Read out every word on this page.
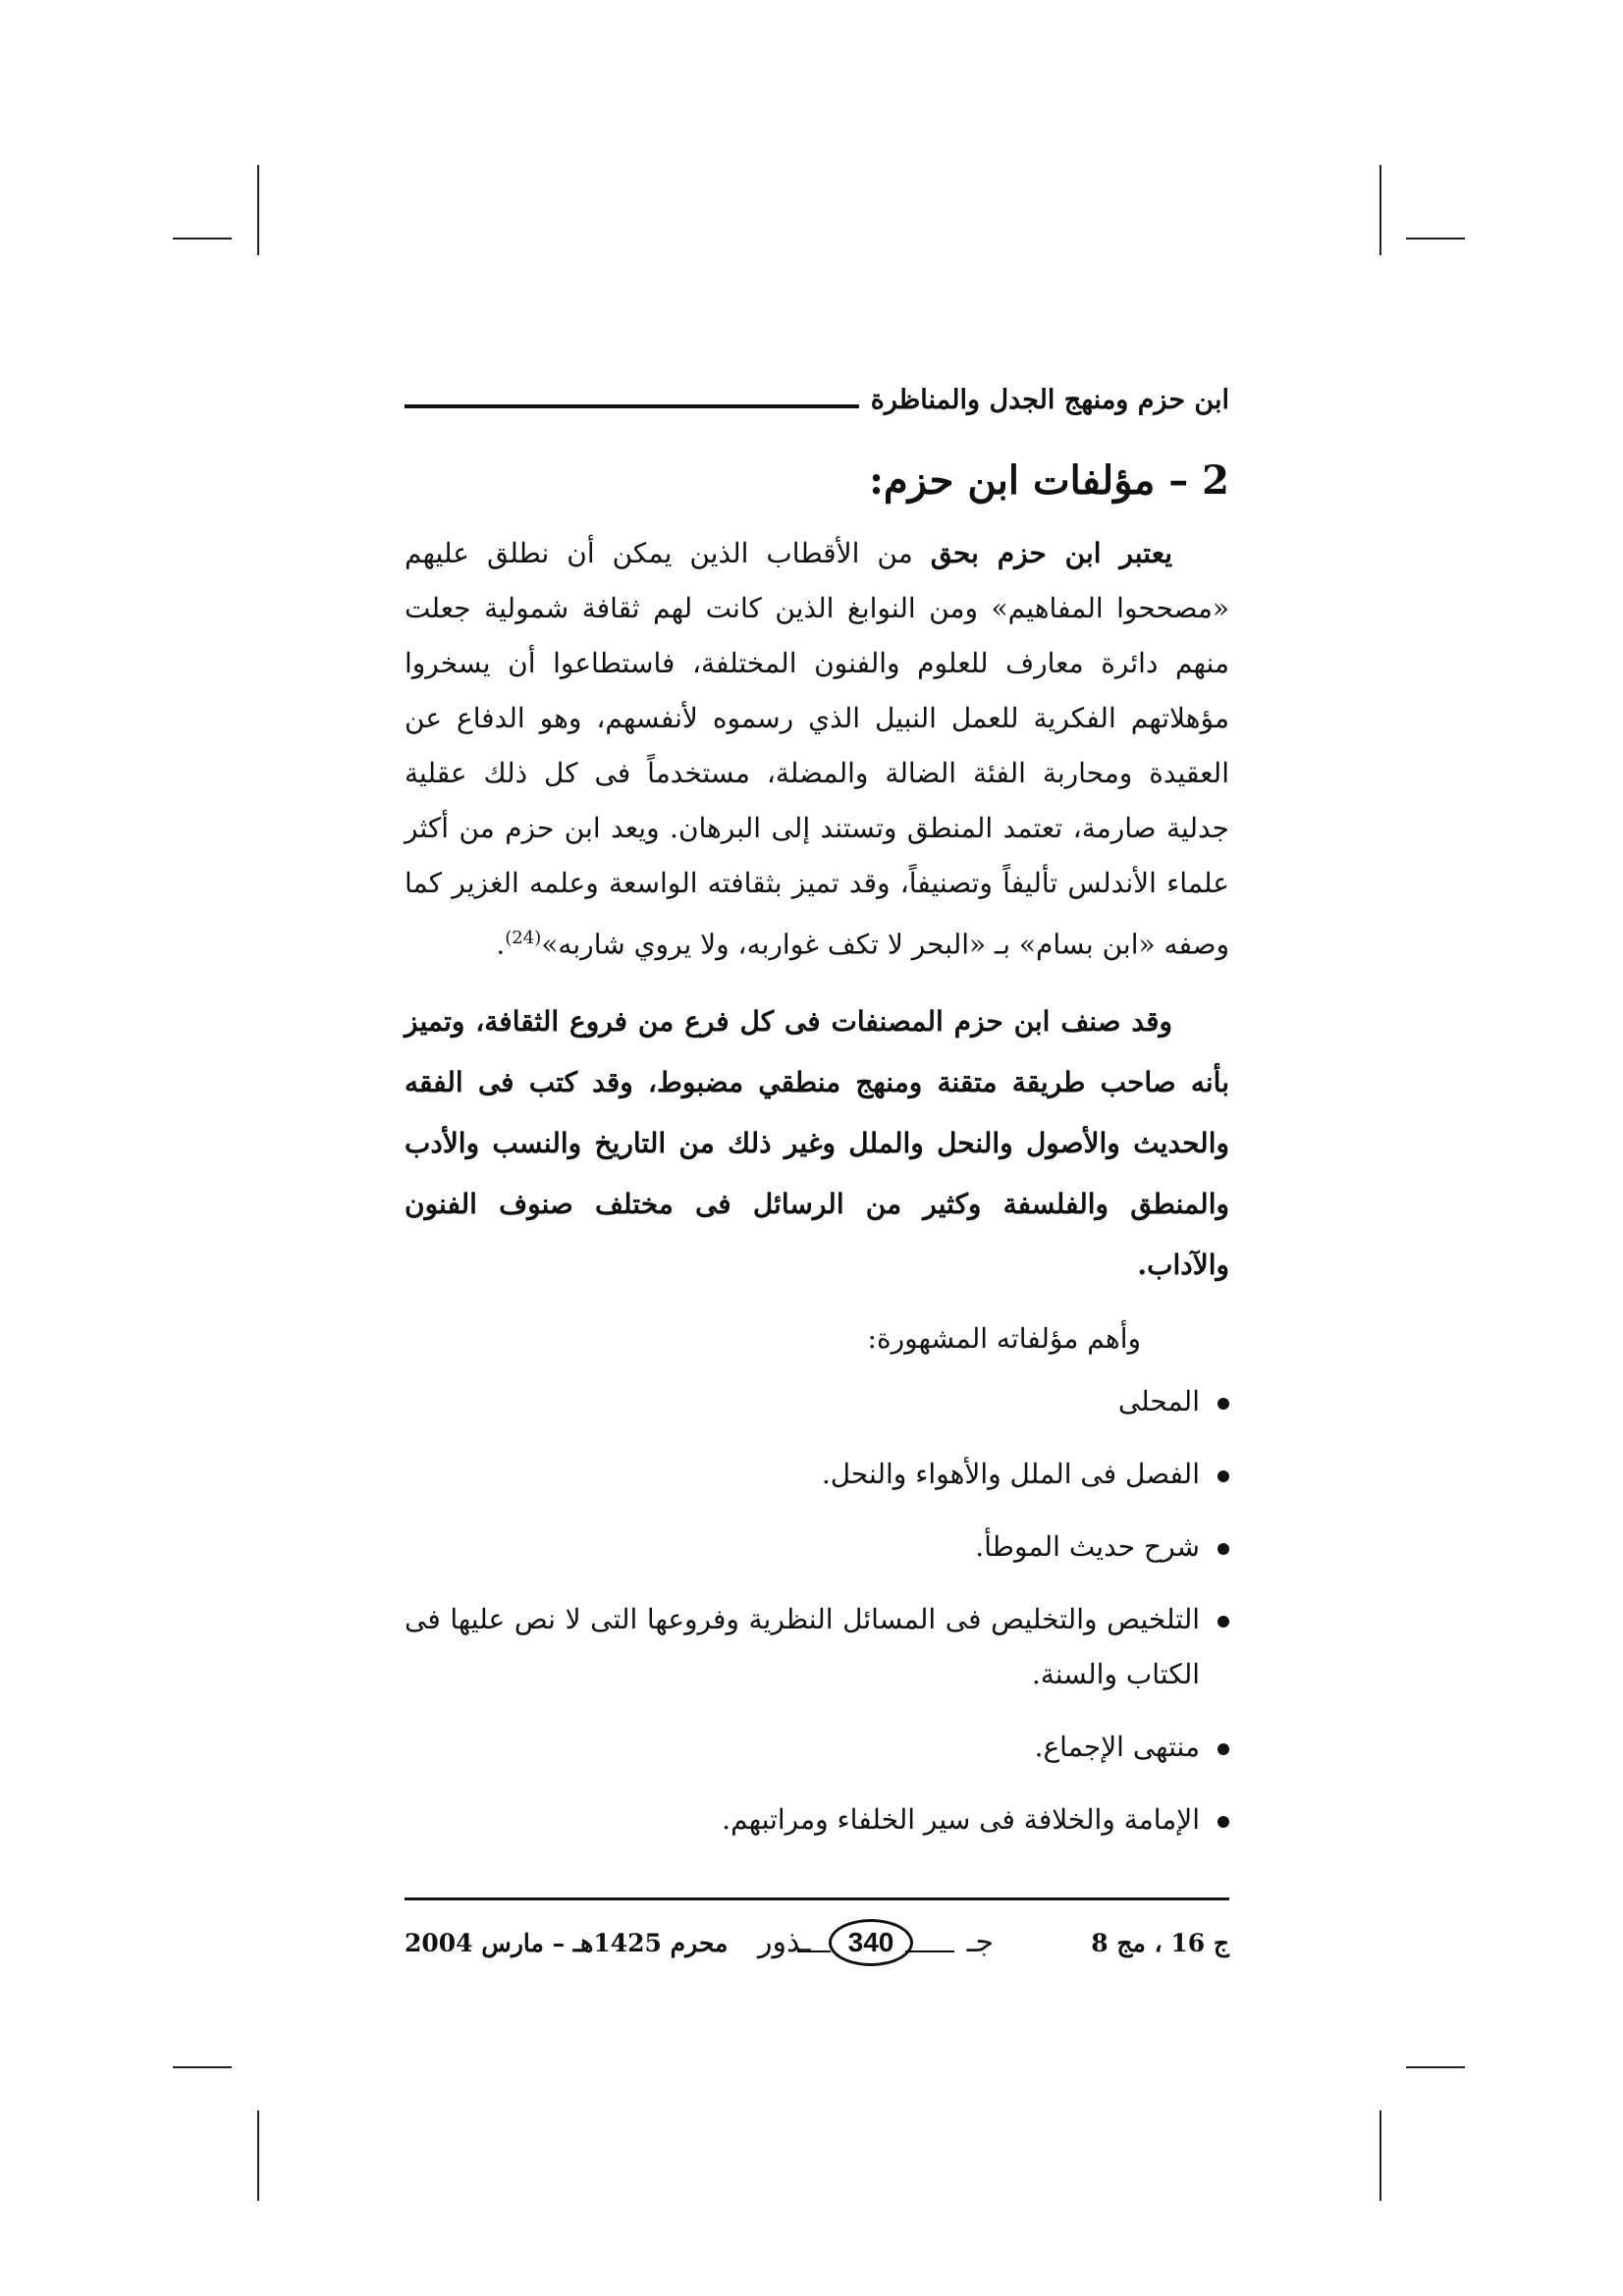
ابن حزم ومنهج الجدل والمناظرة
2 – مؤلفات ابن حزم:

يعتبر ابن حزم بحق من الأقطاب الذين يمكن أن نطلق عليهم «مصححوا المفاهيم» ومن النوابغ الذين كانت لهم ثقافة شمولية جعلت منهم دائرة معارف للعلوم والفنون المختلفة، فاستطاعوا أن يسخروا مؤهلاتهم الفكرية للعمل النبيل الذي رسموه لأنفسهم، وهو الدفاع عن العقيدة ومحاربة الفئة الضالة والمضلة، مستخدماً فى كل ذلك عقلية جدلية صارمة، تعتمد المنطق وتستند إلى البرهان. ويعد ابن حزم من أكثر علماء الأندلس تأليفاً وتصنيفاً، وقد تميز بثقافته الواسعة وعلمه الغزير كما وصفه «ابن بسام» بـ «البحر لا تكف غواربه، ولا يروي شاربه»$^{(24)}$.

وقد صنف ابن حزم المصنفات فى كل فرع من فروع الثقافة، وتميز بأنه صاحب طريقة متقنة ومنهج منطقي مضبوط، وقد كتب فى الفقه والحديث والأصول والنحل والملل وغير ذلك من التاريخ والنسب والأدب والمنطق والفلسفة وكثير من الرسائل فى مختلف صنوف الفنون والآداب.

وأهم مؤلفاته المشهورة:
المحلى
الفصل فى الملل والأهواء والنحل.
شرح حديث الموطأ.
التلخيص والتخليص فى المسائل النظرية وفروعها التى لا نص عليها فى الكتاب والسنة.
منتهى الإجماع.
الإمامة والخلافة فى سير الخلفاء ومراتبهم.
ج 16 ، مج 8
جـ
340
ـذور
محرم 1425هـ – مارس 2004
